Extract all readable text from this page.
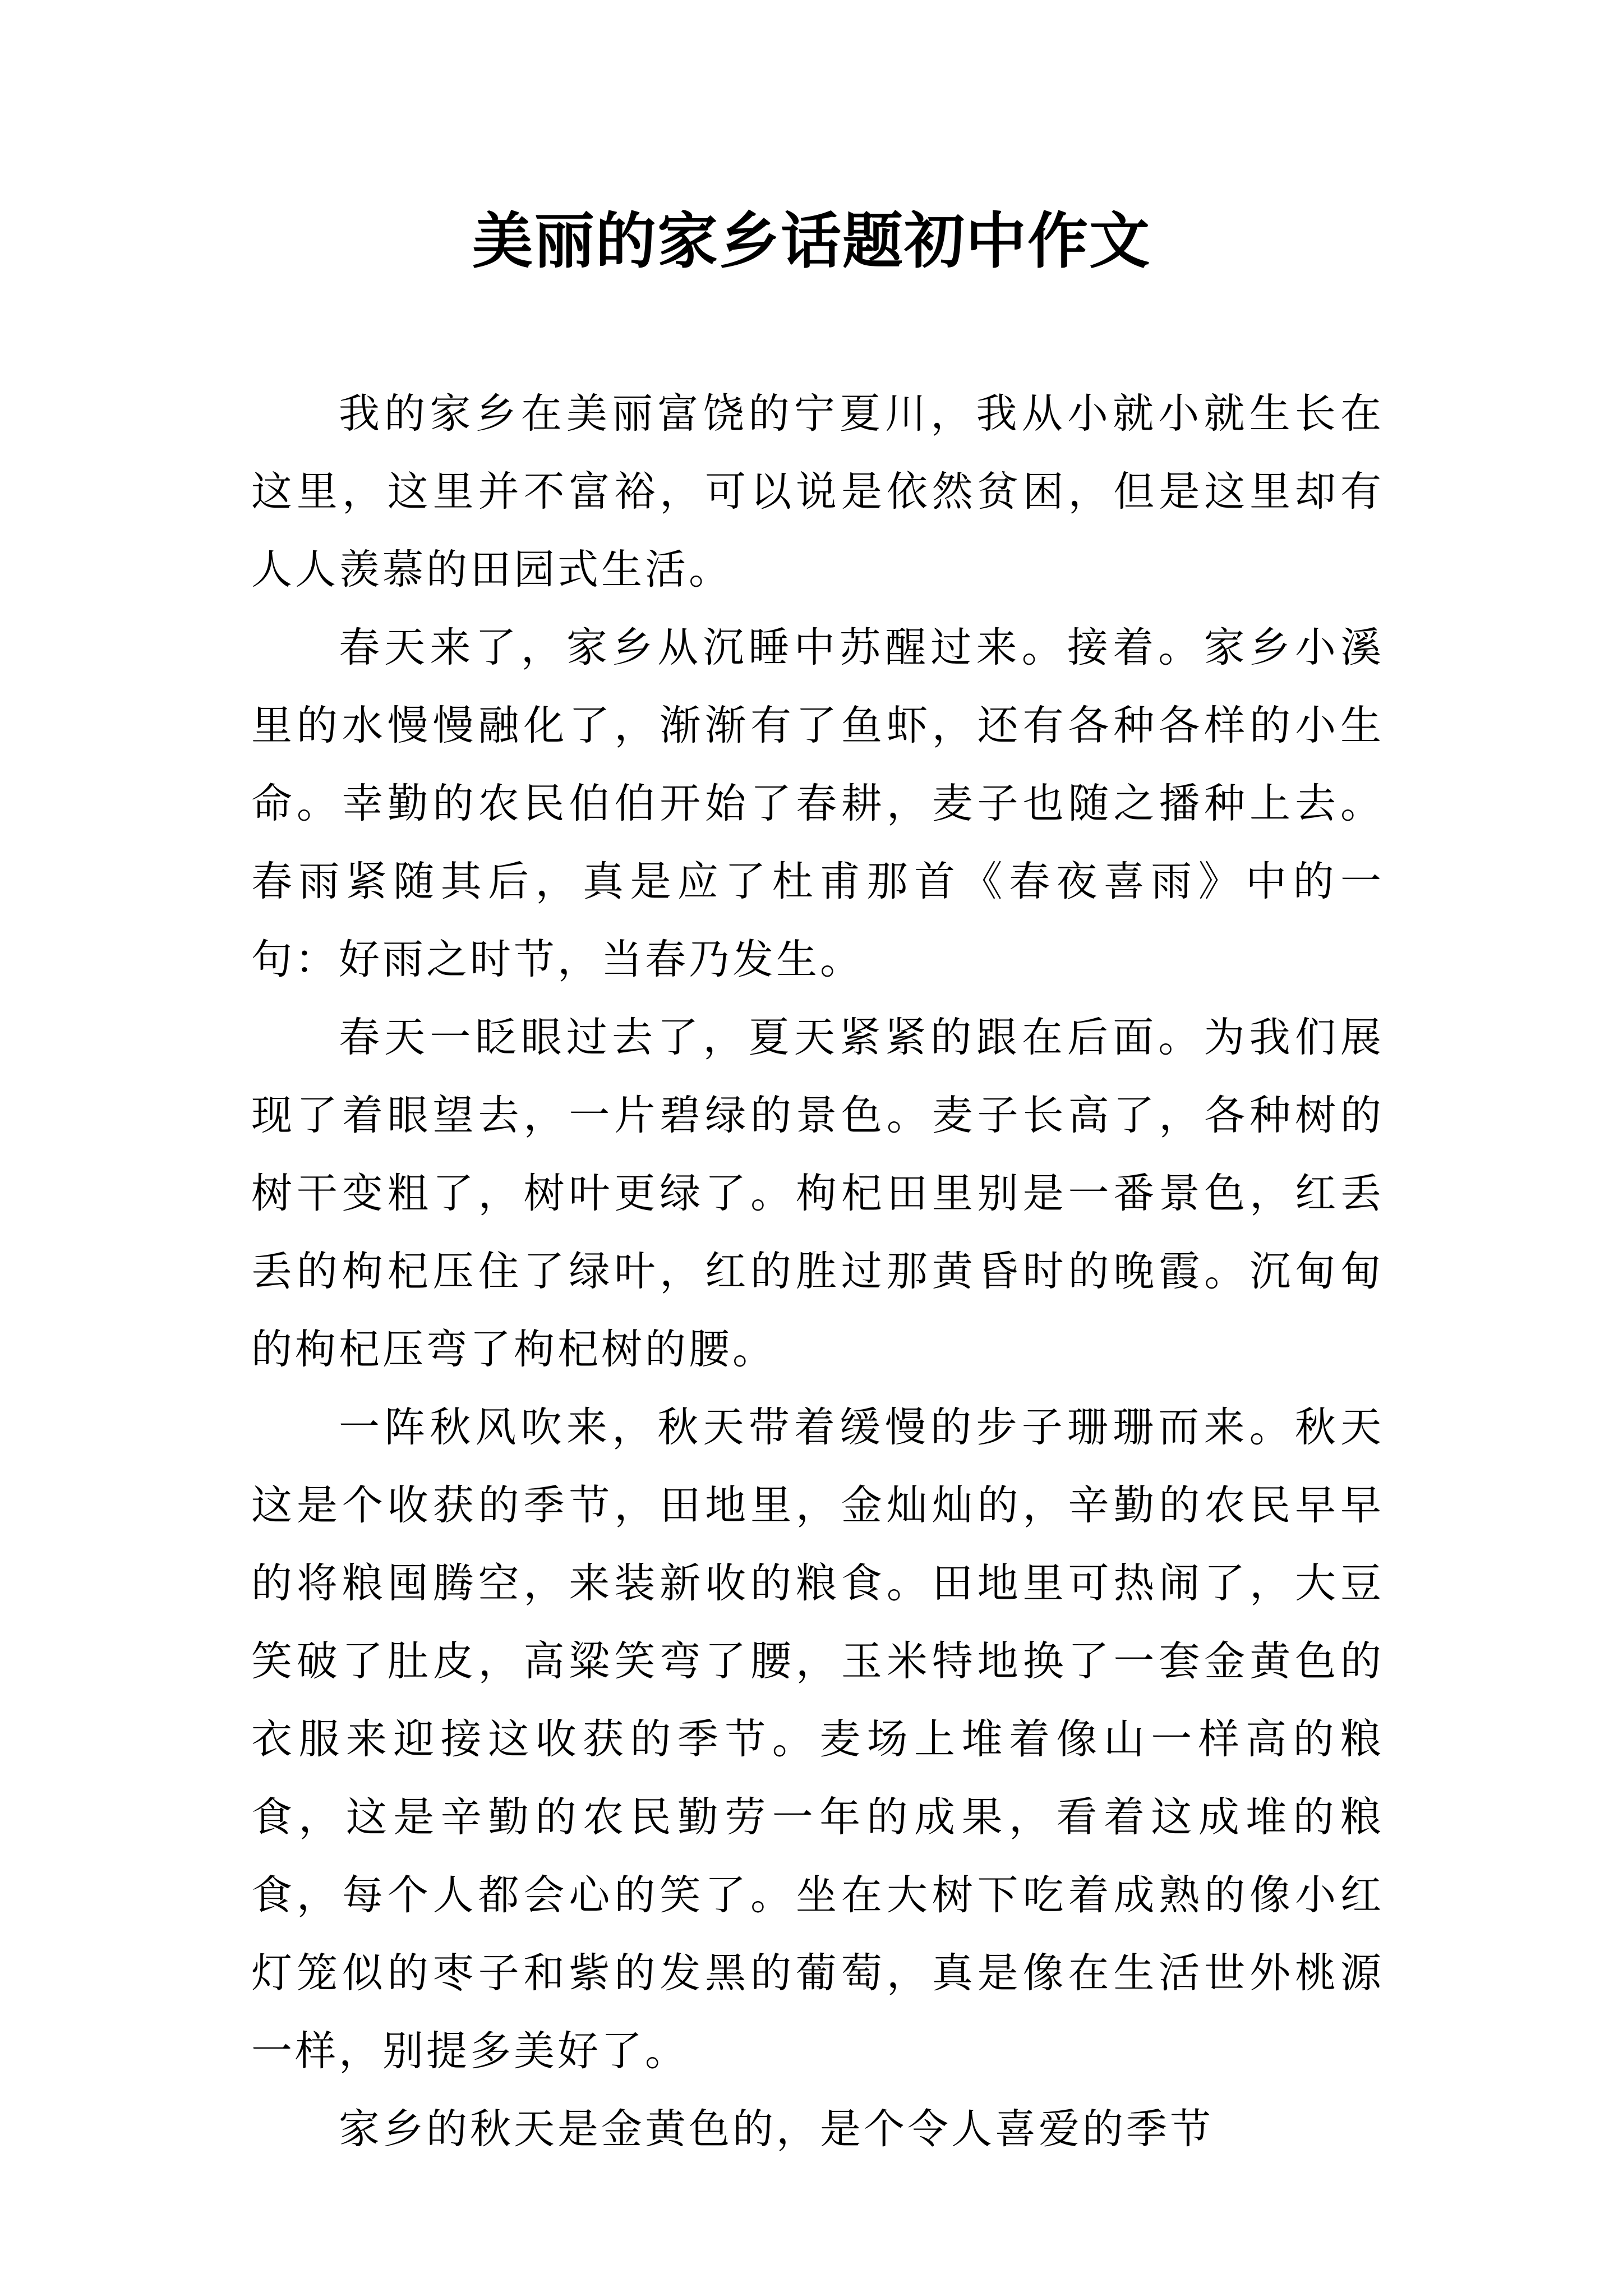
美丽的家乡话题初中作文

我的家乡在美丽富饶的宁夏川，我从小就小就生长在这里，这里并不富裕，可以说是依然贫困，但是这里却有人人羡慕的田园式生活。

春天来了，家乡从沉睡中苏醒过来。接着。家乡小溪里的水慢慢融化了，渐渐有了鱼虾，还有各种各样的小生命。幸勤的农民伯伯开始了春耕，麦子也随之播种上去。春雨紧随其后，真是应了杜甫那首《春夜喜雨》中的一句：好雨之时节，当春乃发生。

春天一眨眼过去了，夏天紧紧的跟在后面。为我们展现了着眼望去，一片碧绿的景色。麦子长高了，各种树的树干变粗了，树叶更绿了。枸杞田里别是一番景色，红丢丢的枸杞压住了绿叶，红的胜过那黄昏时的晚霞。沉甸甸的枸杞压弯了枸杞树的腰。

一阵秋风吹来，秋天带着缓慢的步子珊珊而来。秋天这是个收获的季节，田地里，金灿灿的，辛勤的农民早早的将粮囤腾空，来装新收的粮食。田地里可热闹了，大豆笑破了肚皮，高粱笑弯了腰，玉米特地换了一套金黄色的衣服来迎接这收获的季节。麦场上堆着像山一样高的粮食，这是辛勤的农民勤劳一年的成果，看着这成堆的粮食，每个人都会心的笑了。坐在大树下吃着成熟的像小红灯笼似的枣子和紫的发黑的葡萄，真是像在生活世外桃源一样，别提多美好了。

家乡的秋天是金黄色的，是个令人喜爱的季节
